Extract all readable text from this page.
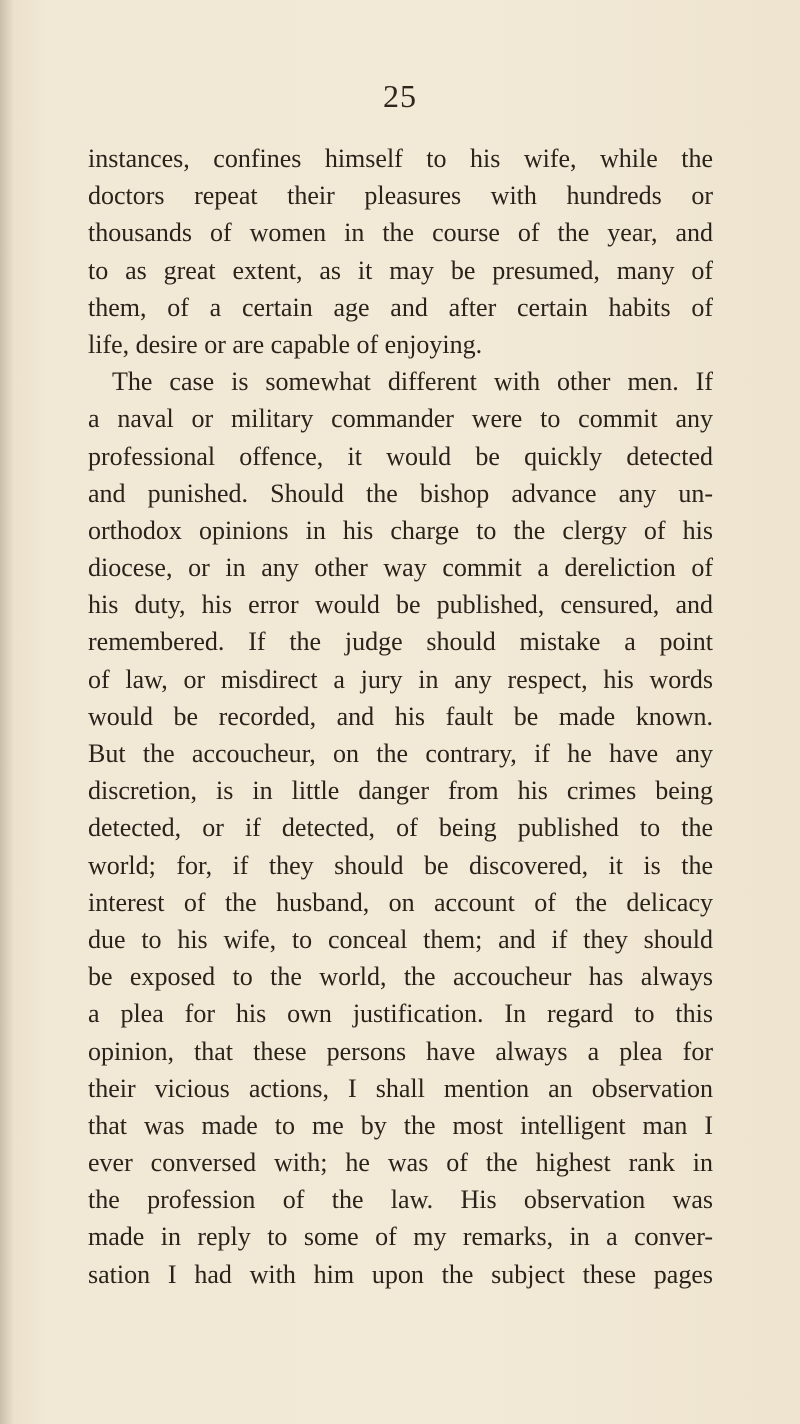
25
instances, confines himself to his wife, while the
doctors repeat their pleasures with hundreds or
thousands of women in the course of the year, and
to as great extent, as it may be presumed, many of
them, of a certain age and after certain habits of
life, desire or are capable of enjoying.
The case is somewhat different with other men. If
a naval or military commander were to commit any
professional offence, it would be quickly detected
and punished. Should the bishop advance any un-
orthodox opinions in his charge to the clergy of his
diocese, or in any other way commit a dereliction of
his duty, his error would be published, censured, and
remembered. If the judge should mistake a point
of law, or misdirect a jury in any respect, his words
would be recorded, and his fault be made known.
But the accoucheur, on the contrary, if he have any
discretion, is in little danger from his crimes being
detected, or if detected, of being published to the
world; for, if they should be discovered, it is the
interest of the husband, on account of the delicacy
due to his wife, to conceal them; and if they should
be exposed to the world, the accoucheur has always
a plea for his own justification. In regard to this
opinion, that these persons have always a plea for
their vicious actions, I shall mention an observation
that was made to me by the most intelligent man I
ever conversed with; he was of the highest rank in
the profession of the law. His observation was
made in reply to some of my remarks, in a conver-
sation I had with him upon the subject these pages
